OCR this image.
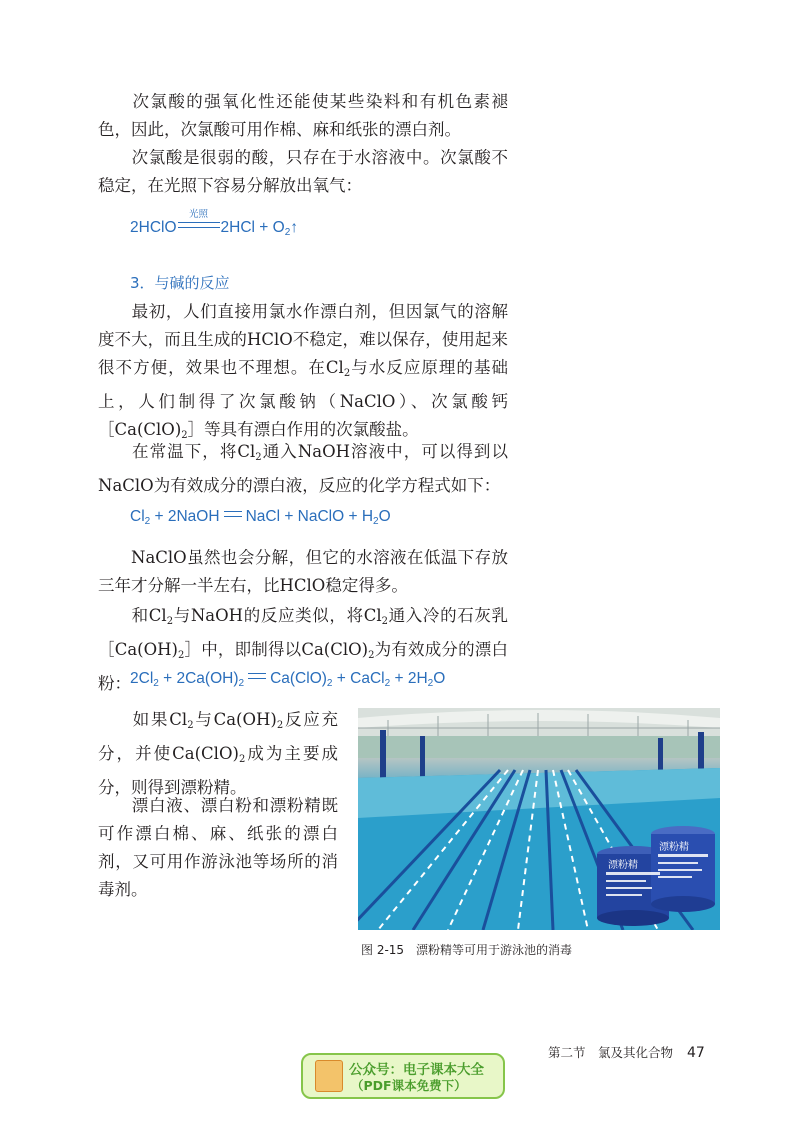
次氯酸的强氧化性还能使某些染料和有机色素褪色，因此，次氯酸可用作棉、麻和纸张的漂白剂。

次氯酸是很弱的酸，只存在于水溶液中。次氯酸不稳定，在光照下容易分解放出氧气：

2HClO
光照
$2HCl + O_2↑$
3．与碱的反应

最初，人们直接用氯水作漂白剂，但因氯气的溶解度不大，而且生成的HClO不稳定，难以保存，使用起来很不方便，效果也不理想。在$Cl_2$与水反应原理的基础上，人们制得了次氯酸钠（NaClO）、次氯酸钙$[Ca(ClO)_2]$等具有漂白作用的次氯酸盐。

在常温下，将$Cl_2$通入NaOH溶液中，可以得到以NaClO为有效成分的漂白液，反应的化学方程式如下：

$Cl_2$ + 2NaOH NaCl + NaClO + $H_2O$

NaClO虽然也会分解，但它的水溶液在低温下存放三年才分解一半左右，比HClO稳定得多。

和$Cl_2$与NaOH的反应类似，将$Cl_2$通入冷的石灰乳$[Ca(OH)_2]$中，即制得以$Ca(ClO)_2$为有效成分的漂白粉： $2Cl_2 + 2Ca(OH)_2$ $Ca(ClO)_2$ + CaCl$_2$ + $2H_2O$

如果$Cl_2$与$Ca(OH)_2$反应充分，并使$Ca(ClO)_2$成为主要成分，则得到漂粉精。

漂白液、漂白粉和漂粉精既可作漂白棉、麻、纸张的漂白剂，又可用作游泳池等场所的消毒剂。

漂粉精
漂粉精
图 2-15　漂粉精等可用于游泳池的消毒
第二节　氯及其化合物 47
公众号：电子课本大全
（PDF课本免费下）
